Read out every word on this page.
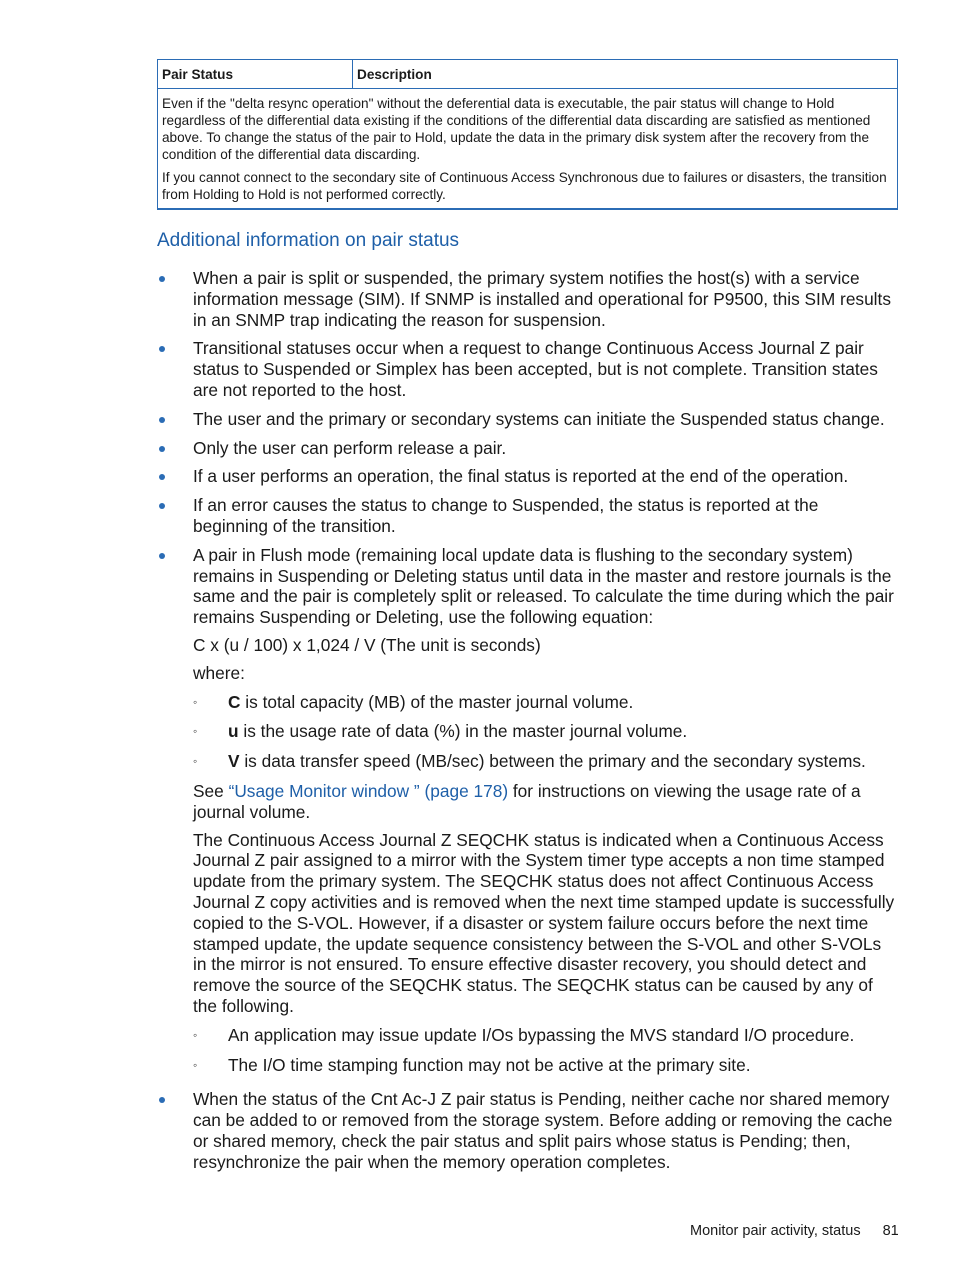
Pair Status	Description

Even if the "delta resync operation" without the deferential data is executable, the pair status will change to Hold regardless of the differential data existing if the conditions of the differential data discarding are satisfied as mentioned above. To change the status of the pair to Hold, update the data in the primary disk system after the recovery from the condition of the differential data discarding.

If you cannot connect to the secondary site of Continuous Access Synchronous due to failures or disasters, the transition from Holding to Hold is not performed correctly.

Additional information on pair status
When a pair is split or suspended, the primary system notifies the host(s) with a service information message (SIM). If SNMP is installed and operational for P9500, this SIM results in an SNMP trap indicating the reason for suspension.
Transitional statuses occur when a request to change Continuous Access Journal Z pair status to Suspended or Simplex has been accepted, but is not complete. Transition states are not reported to the host.
The user and the primary or secondary systems can initiate the Suspended status change.
Only the user can perform release a pair.
If a user performs an operation, the final status is reported at the end of the operation.
If an error causes the status to change to Suspended, the status is reported at the beginning of the transition.
A pair in Flush mode (remaining local update data is flushing to the secondary system) remains in Suspending or Deleting status until data in the master and restore journals is the same and the pair is completely split or released. To calculate the time during which the pair remains Suspending or Deleting, use the following equation:
C x (u / 100) x 1,024 / V (The unit is seconds)
where:
◦ C is total capacity (MB) of the master journal volume.
◦ u is the usage rate of data (%) in the master journal volume.
◦ V is data transfer speed (MB/sec) between the primary and the secondary systems.
See “Usage Monitor window ” (page 178) for instructions on viewing the usage rate of a journal volume.
The Continuous Access Journal Z SEQCHK status is indicated when a Continuous Access Journal Z pair assigned to a mirror with the System timer type accepts a non time stamped update from the primary system. The SEQCHK status does not affect Continuous Access Journal Z copy activities and is removed when the next time stamped update is successfully copied to the S-VOL. However, if a disaster or system failure occurs before the next time stamped update, the update sequence consistency between the S-VOL and other S-VOLs in the mirror is not ensured. To ensure effective disaster recovery, you should detect and remove the source of the SEQCHK status. The SEQCHK status can be caused by any of the following.
◦ An application may issue update I/Os bypassing the MVS standard I/O procedure.
◦ The I/O time stamping function may not be active at the primary site.
When the status of the Cnt Ac-J Z pair status is Pending, neither cache nor shared memory can be added to or removed from the storage system. Before adding or removing the cache or shared memory, check the pair status and split pairs whose status is Pending; then, resynchronize the pair when the memory operation completes.
Monitor pair activity, status 81
